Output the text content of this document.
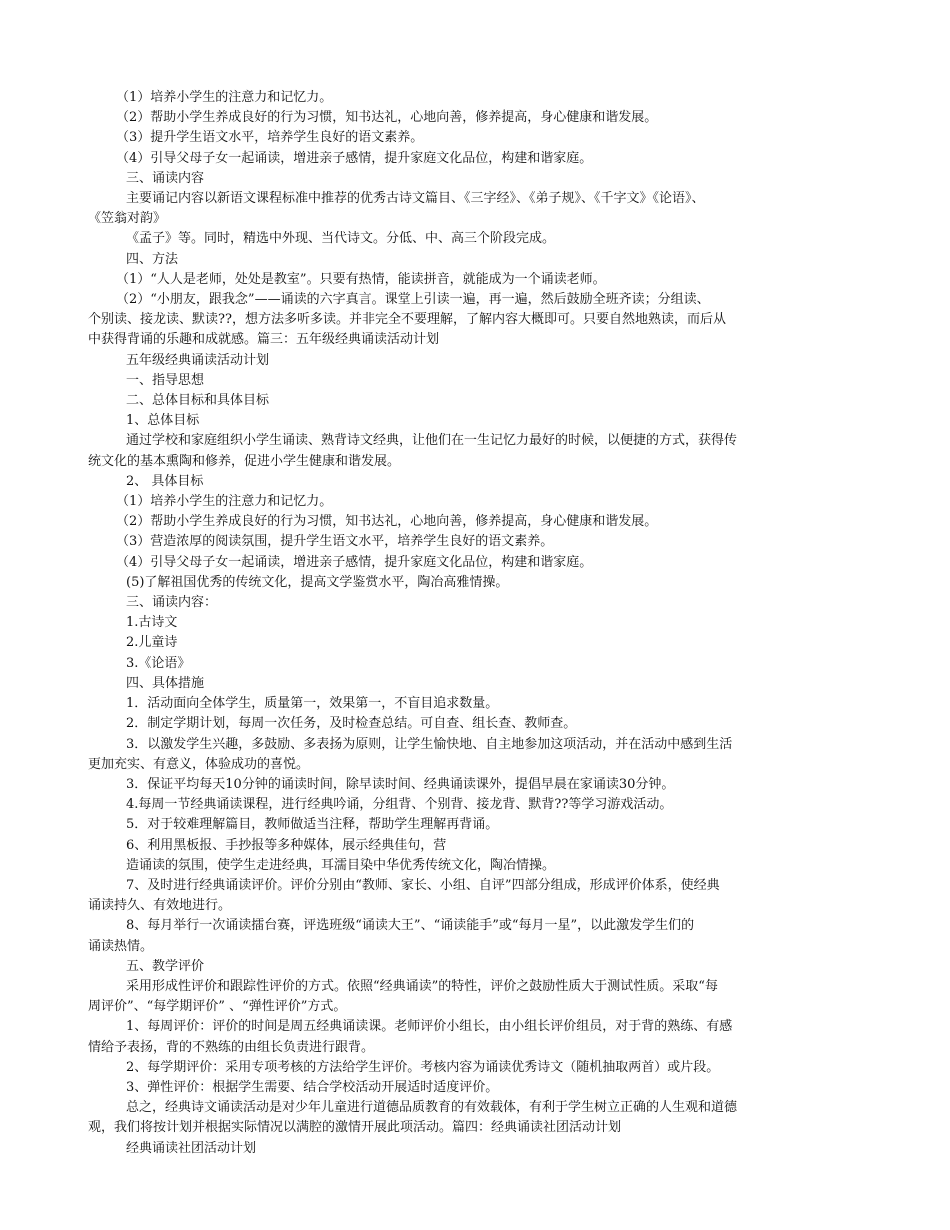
（1）培养小学生的注意力和记忆力。
（2）帮助小学生养成良好的行为习惯，知书达礼，心地向善，修养提高，身心健康和谐发展。
（3）提升学生语文水平，培养学生良好的语文素养。
（4）引导父母子女一起诵读，增进亲子感情，提升家庭文化品位，构建和谐家庭。
三、诵读内容
主要诵记内容以新语文课程标准中推荐的优秀古诗文篇目、《三字经》、《弟子规》、《千字文》《论语》、
《笠翁对韵》
《孟子》等。同时，精选中外现、当代诗文。分低、中、高三个阶段完成。
四、方法
（1）“人人是老师，处处是教室”。只要有热情，能读拼音，就能成为一个诵读老师。
（2）“小朋友，跟我念”——诵读的六字真言。课堂上引读一遍，再一遍，然后鼓励全班齐读；分组读、
个别读、接龙读、默读??，想方法多听多读。并非完全不要理解，了解内容大概即可。只要自然地熟读，而后从
中获得背诵的乐趣和成就感。篇三：五年级经典诵读活动计划
五年级经典诵读活动计划
一、指导思想
二、总体目标和具体目标
1、总体目标
通过学校和家庭组织小学生诵读、熟背诗文经典，让他们在一生记忆力最好的时候，以便捷的方式，获得传
统文化的基本熏陶和修养，促进小学生健康和谐发展。
2、 具体目标
（1）培养小学生的注意力和记忆力。
（2）帮助小学生养成良好的行为习惯，知书达礼，心地向善，修养提高，身心健康和谐发展。
（3）营造浓厚的阅读氛围，提升学生语文水平，培养学生良好的语文素养。
（4）引导父母子女一起诵读，增进亲子感情，提升家庭文化品位，构建和谐家庭。
(5)了解祖国优秀的传统文化，提高文学鉴赏水平，陶冶高雅情操。
三、诵读内容：
1.古诗文
2.儿童诗
3.《论语》
四、具体措施
1．活动面向全体学生，质量第一，效果第一，不盲目追求数量。
2．制定学期计划，每周一次任务，及时检查总结。可自查、组长查、教师查。
3．以激发学生兴趣，多鼓励、多表扬为原则，让学生愉快地、自主地参加这项活动，并在活动中感到生活
更加充实、有意义，体验成功的喜悦。
3．保证平均每天10分钟的诵读时间，除早读时间、经典诵读课外，提倡早晨在家诵读30分钟。
4.每周一节经典诵读课程，进行经典吟诵，分组背、个别背、接龙背、默背??等学习游戏活动。
5．对于较难理解篇目，教师做适当注释，帮助学生理解再背诵。
6、利用黑板报、手抄报等多种媒体，展示经典佳句，营
造诵读的氛围，使学生走进经典，耳濡目染中华优秀传统文化，陶冶情操。
7、及时进行经典诵读评价。评价分别由“教师、家长、小组、自评”四部分组成，形成评价体系，使经典
诵读持久、有效地进行。
8、每月举行一次诵读擂台赛，评选班级“诵读大王”、“诵读能手”或“每月一星”，以此激发学生们的
诵读热情。
五、教学评价
采用形成性评价和跟踪性评价的方式。依照“经典诵读”的特性，评价之鼓励性质大于测试性质。采取“每
周评价”、“每学期评价” 、“弹性评价”方式。
1、每周评价：评价的时间是周五经典诵读课。老师评价小组长，由小组长评价组员，对于背的熟练、有感
情给予表扬，背的不熟练的由组长负责进行跟背。
2、每学期评价：采用专项考核的方法给学生评价。考核内容为诵读优秀诗文（随机抽取两首）或片段。
3、弹性评价：根据学生需要、结合学校活动开展适时适度评价。
总之，经典诗文诵读活动是对少年儿童进行道德品质教育的有效载体，有利于学生树立正确的人生观和道德
观，我们将按计划并根据实际情况以满腔的激情开展此项活动。篇四：经典诵读社团活动计划
经典诵读社团活动计划
